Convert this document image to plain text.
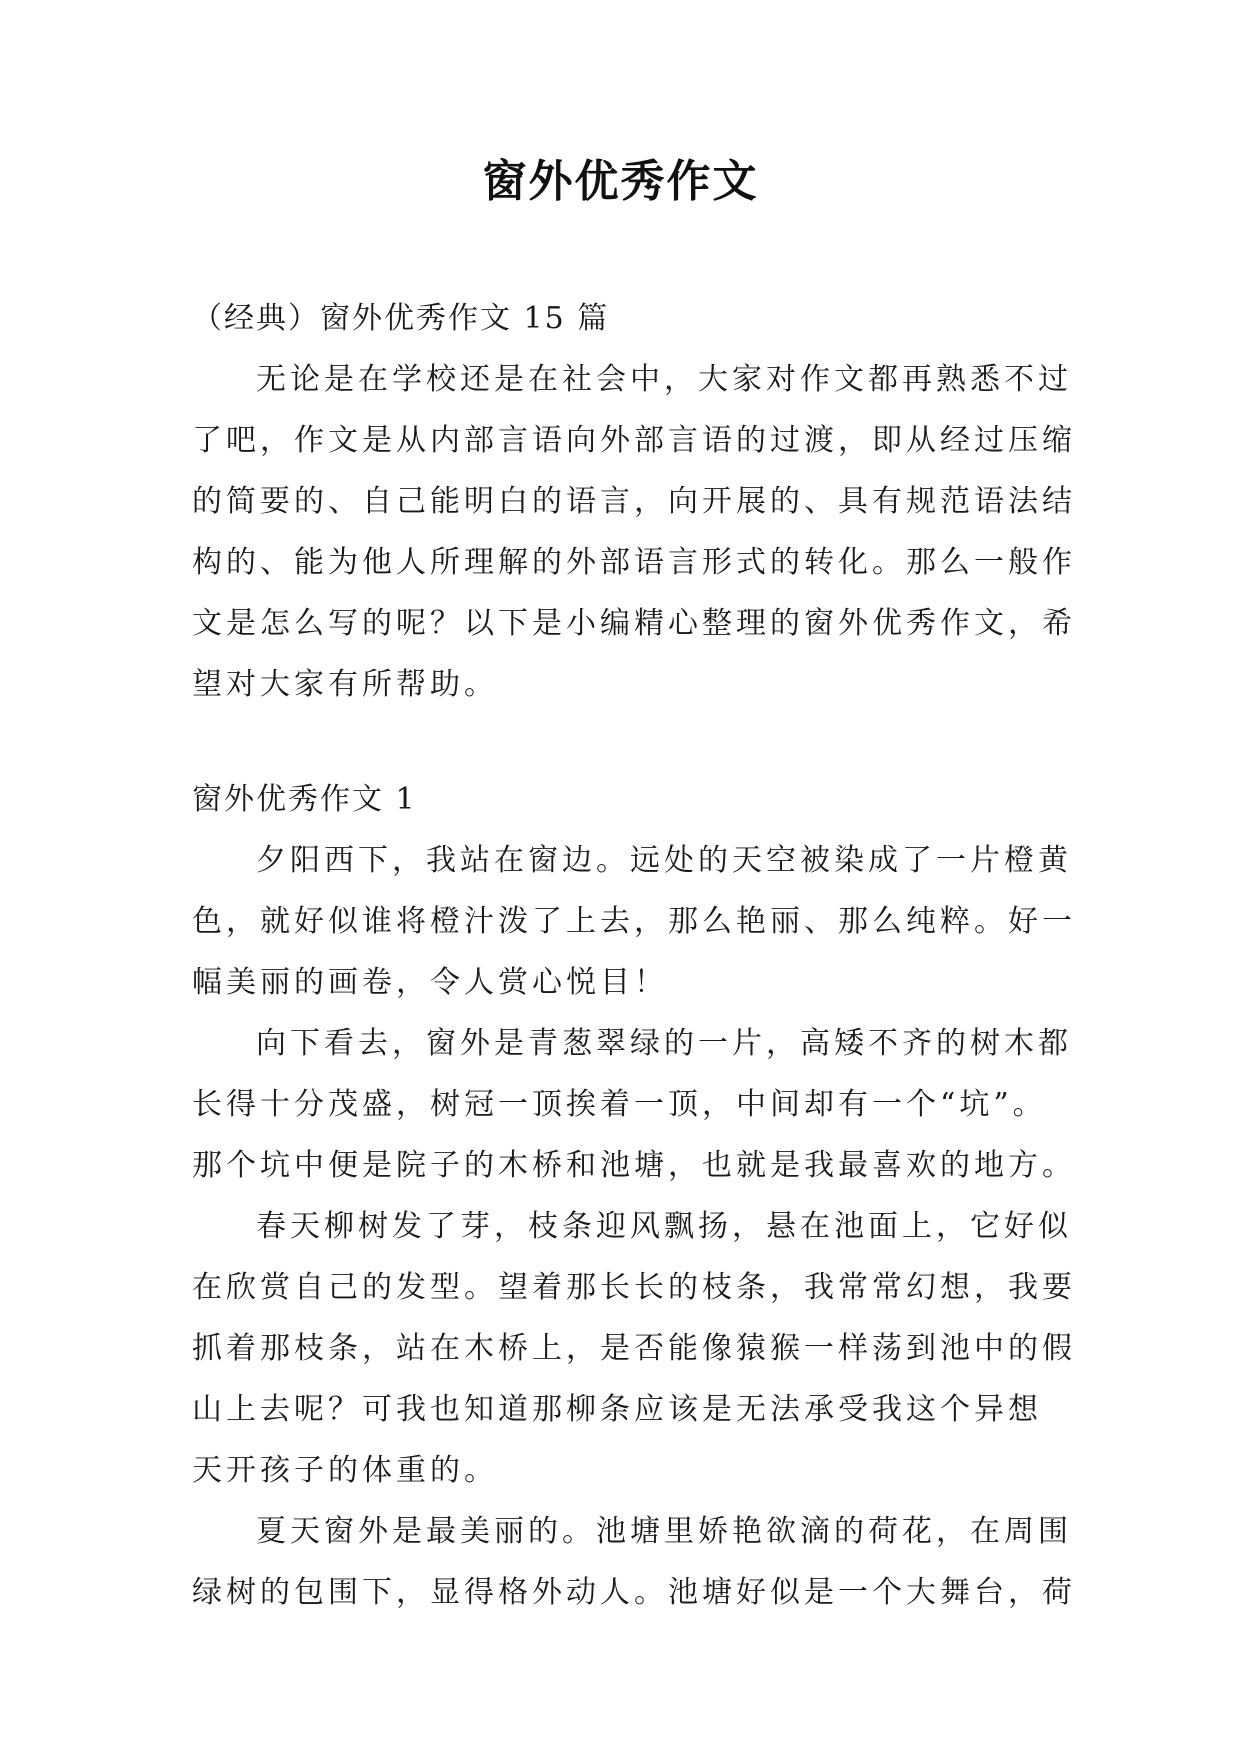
窗外优秀作文
（经典）窗外优秀作文 15 篇
无论是在学校还是在社会中，大家对作文都再熟悉不过
了吧，作文是从内部言语向外部言语的过渡，即从经过压缩
的简要的、自己能明白的语言，向开展的、具有规范语法结
构的、能为他人所理解的外部语言形式的转化。那么一般作
文是怎么写的呢？以下是小编精心整理的窗外优秀作文，希
望对大家有所帮助。
窗外优秀作文 1
夕阳西下，我站在窗边。远处的天空被染成了一片橙黄
色，就好似谁将橙汁泼了上去，那么艳丽、那么纯粹。好一
幅美丽的画卷，令人赏心悦目！
向下看去，窗外是青葱翠绿的一片，高矮不齐的树木都
长得十分茂盛，树冠一顶挨着一顶，中间却有一个“坑”。
那个坑中便是院子的木桥和池塘，也就是我最喜欢的地方。
春天柳树发了芽，枝条迎风飘扬，悬在池面上，它好似
在欣赏自己的发型。望着那长长的枝条，我常常幻想，我要
抓着那枝条，站在木桥上，是否能像猿猴一样荡到池中的假
山上去呢？可我也知道那柳条应该是无法承受我这个异想
天开孩子的体重的。
夏天窗外是最美丽的。池塘里娇艳欲滴的荷花，在周围
绿树的包围下，显得格外动人。池塘好似是一个大舞台，荷
